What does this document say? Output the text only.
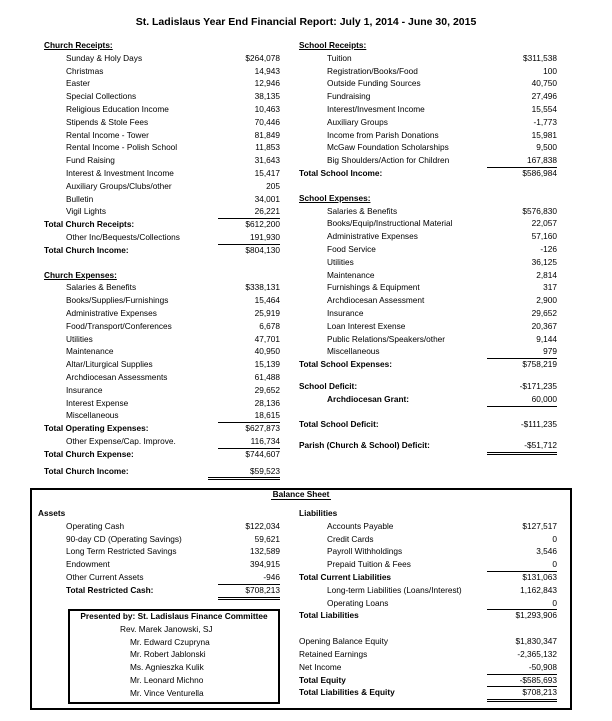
St. Ladislaus Year End Financial Report: July 1, 2014 - June 30, 2015
Church Receipts:
Sunday & Holy Days	$264,078
Christmas	14,943
Easter	12,946
Special Collections	38,135
Religious Education Income	10,463
Stipends & Stole Fees	70,446
Rental Income - Tower	81,849
Rental Income - Polish School	11,853
Fund Raising	31,643
Interest & Investment Income	15,417
Auxiliary Groups/Clubs/other	205
Bulletin	34,001
Vigil Lights	26,221
Total Church Receipts:	$612,200
Other Inc/Bequests/Collections	191,930
Total Church Income:	$804,130
Church Expenses:
Salaries & Benefits	$338,131
Books/Supplies/Furnishings	15,464
Administrative Expenses	25,919
Food/Transport/Conferences	6,678
Utilities	47,701
Maintenance	40,950
Altar/Liturgical Supplies	15,139
Archdiocesan Assessments	61,488
Insurance	29,652
Interest Expense	28,136
Miscellaneous	18,615
Total Operating Expenses:	$627,873
Other Expense/Cap. Improve.	116,734
Total Church Expense:	$744,607
Total Church Income:	$59,523
School Receipts:
Tuition	$311,538
Registration/Books/Food	100
Outside Funding Sources	40,750
Fundraising	27,496
Interest/Invesment Income	15,554
Auxiliary Groups	-1,773
Income from Parish Donations	15,981
McGaw Foundation Scholarships	9,500
Big Shoulders/Action for Children	167,838
Total School Income:	$586,984
School Expenses:
Salaries & Benefits	$576,830
Books/Equip/Instructional Material	22,057
Administrative Expenses	57,160
Food Service	-126
Utilities	36,125
Maintenance	2,814
Furnishings & Equipment	317
Archdiocesan Assessment	2,900
Insurance	29,652
Loan Interest Exense	20,367
Public Relations/Speakers/other	9,144
Miscellaneous	979
Total School Expenses:	$758,219
School Deficit:	-$171,235
Archdiocesan Grant:	60,000
Total School Deficit:	-$111,235
Parish (Church & School) Deficit:	-$51,712
Balance Sheet
Assets
Operating Cash	$122,034
90-day CD (Operating Savings)	59,621
Long Term Restricted Savings	132,589
Endowment	394,915
Other Current Assets	-946
Total Restricted Cash:	$708,213
Liabilities
Accounts Payable	$127,517
Credit Cards	0
Payroll Withholdings	3,546
Prepaid Tuition & Fees	0
Total Current Liabilities	$131,063
Long-term Liabilities (Loans/Interest)	1,162,843
Operating Loans	0
Total Liabilities	$1,293,906
Opening Balance Equity	$1,830,347
Retained Earnings	-2,365,132
Net Income	-50,908
Total Equity	-$585,693
Total Liabilities & Equity	$708,213
Presented by: St. Ladislaus Finance Committee
Rev. Marek Janowski, SJ
Mr. Edward Czupryna
Mr. Robert Jablonski
Ms. Agnieszka Kulik
Mr. Leonard Michno
Mr. Vince Venturella
